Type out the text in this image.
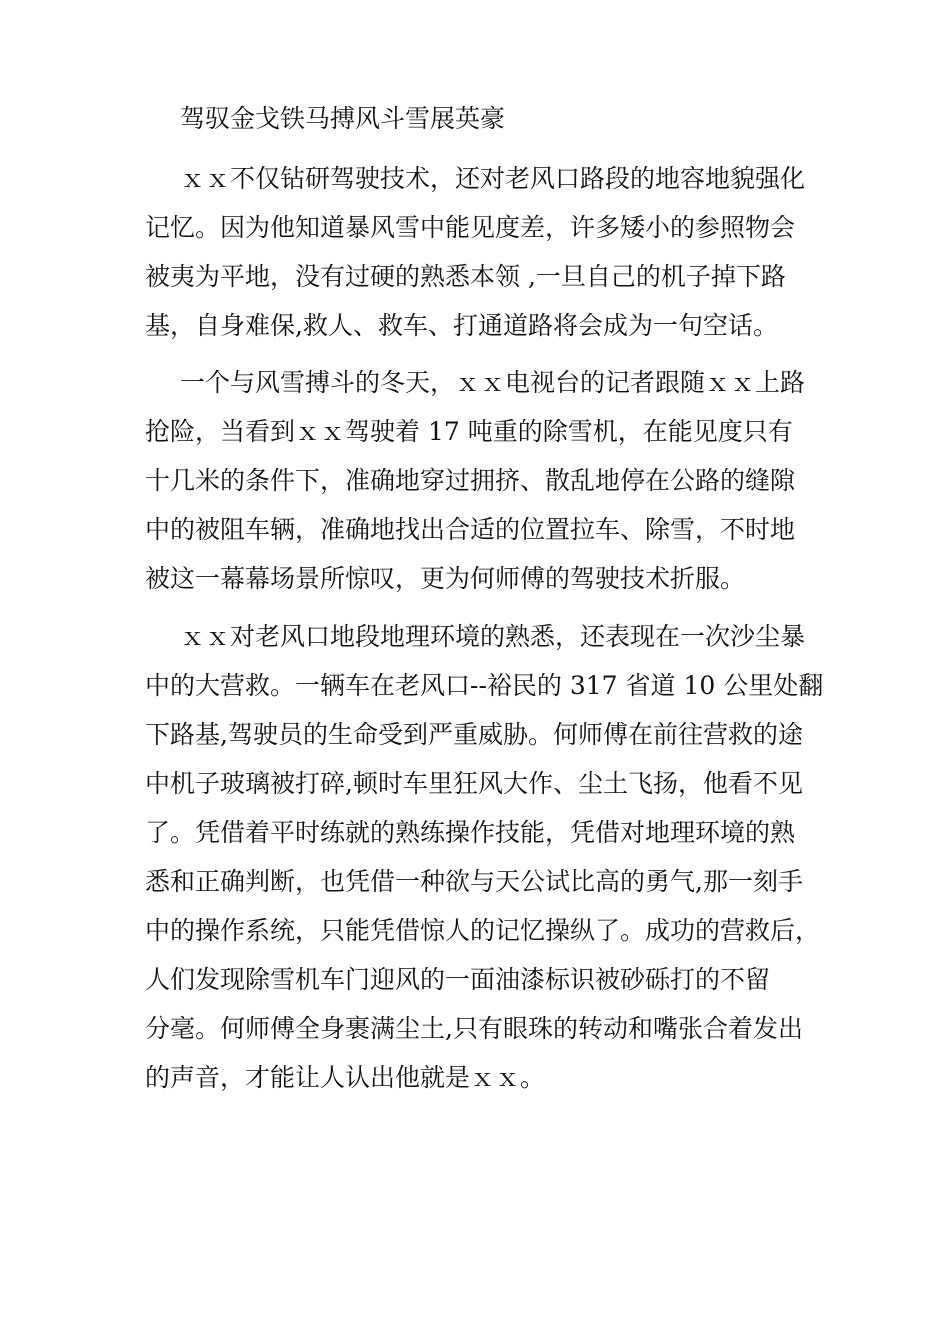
驾驭金戈铁马搏风斗雪展英豪
ｘｘ不仅钻研驾驶技术，还对老风口路段的地容地貌强化
记忆。因为他知道暴风雪中能见度差，许多矮小的参照物会
被夷为平地，没有过硬的熟悉本领 ,一旦自己的机子掉下路
基，自身难保,救人、救车、打通道路将会成为一句空话。
一个与风雪搏斗的冬天，ｘｘ电视台的记者跟随ｘｘ上路
抢险，当看到ｘｘ驾驶着 17 吨重的除雪机，在能见度只有
十几米的条件下，准确地穿过拥挤、散乱地停在公路的缝隙
中的被阻车辆，准确地找出合适的位置拉车、除雪，不时地
被这一幕幕场景所惊叹，更为何师傅的驾驶技术折服。
ｘｘ对老风口地段地理环境的熟悉，还表现在一次沙尘暴
中的大营救。一辆车在老风口--裕民的 317 省道 10 公里处翻
下路基,驾驶员的生命受到严重威胁。何师傅在前往营救的途
中机子玻璃被打碎,顿时车里狂风大作、尘土飞扬，他看不见
了。凭借着平时练就的熟练操作技能，凭借对地理环境的熟
悉和正确判断，也凭借一种欲与天公试比高的勇气,那一刻手
中的操作系统，只能凭借惊人的记忆操纵了。成功的营救后，
人们发现除雪机车门迎风的一面油漆标识被砂砾打的不留
分毫。何师傅全身裹满尘土,只有眼珠的转动和嘴张合着发出
的声音，才能让人认出他就是ｘｘ。
